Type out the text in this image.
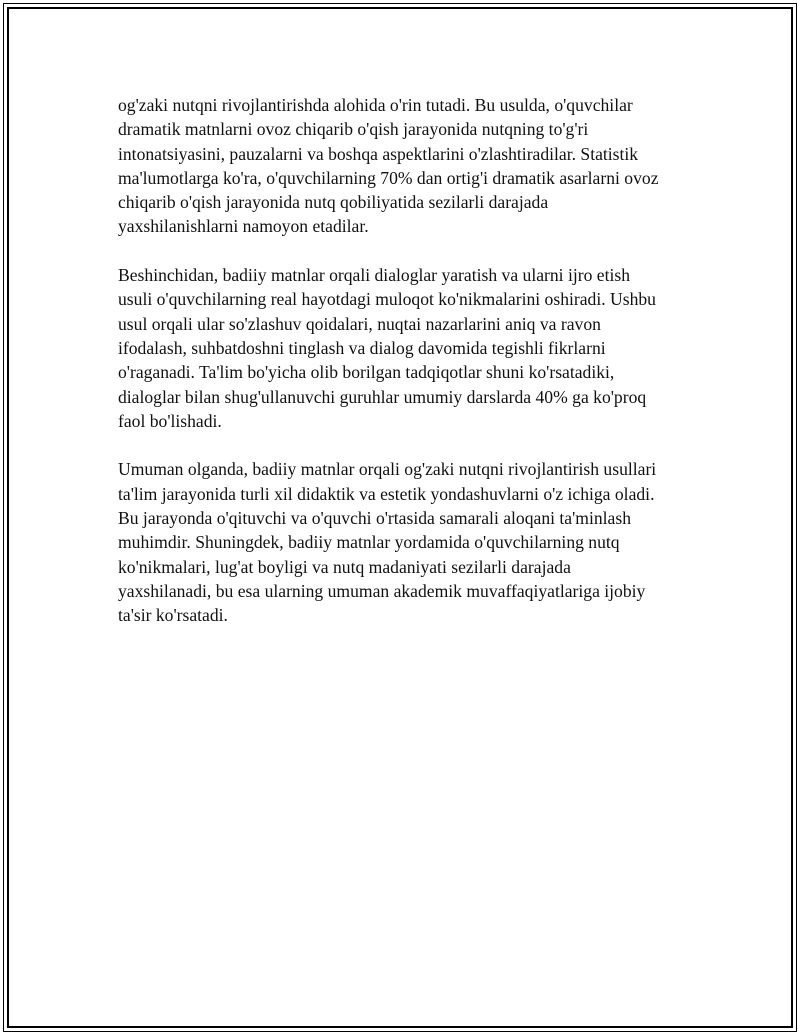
og'zaki nutqni rivojlantirishda alohida o'rin tutadi. Bu usulda, o'quvchilar
dramatik matnlarni ovoz chiqarib o'qish jarayonida nutqning to'g'ri
intonatsiyasini, pauzalarni va boshqa aspektlarini o'zlashtiradilar. Statistik
ma'lumotlarga ko'ra, o'quvchilarning 70% dan ortig'i dramatik asarlarni ovoz
chiqarib o'qish jarayonida nutq qobiliyatida sezilarli darajada
yaxshilanishlarni namoyon etadilar.

Beshinchidan, badiiy matnlar orqali dialoglar yaratish va ularni ijro etish
usuli o'quvchilarning real hayotdagi muloqot ko'nikmalarini oshiradi. Ushbu
usul orqali ular so'zlashuv qoidalari, nuqtai nazarlarini aniq va ravon
ifodalash, suhbatdoshni tinglash va dialog davomida tegishli fikrlarni
o'raganadi. Ta'lim bo'yicha olib borilgan tadqiqotlar shuni ko'rsatadiki,
dialoglar bilan shug'ullanuvchi guruhlar umumiy darslarda 40% ga ko'proq
faol bo'lishadi.

Umuman olganda, badiiy matnlar orqali og'zaki nutqni rivojlantirish usullari
ta'lim jarayonida turli xil didaktik va estetik yondashuvlarni o'z ichiga oladi.
Bu jarayonda o'qituvchi va o'quvchi o'rtasida samarali aloqani ta'minlash
muhimdir. Shuningdek, badiiy matnlar yordamida o'quvchilarning nutq
ko'nikmalari, lug'at boyligi va nutq madaniyati sezilarli darajada
yaxshilanadi, bu esa ularning umuman akademik muvaffaqiyatlariga ijobiy
ta'sir ko'rsatadi.
